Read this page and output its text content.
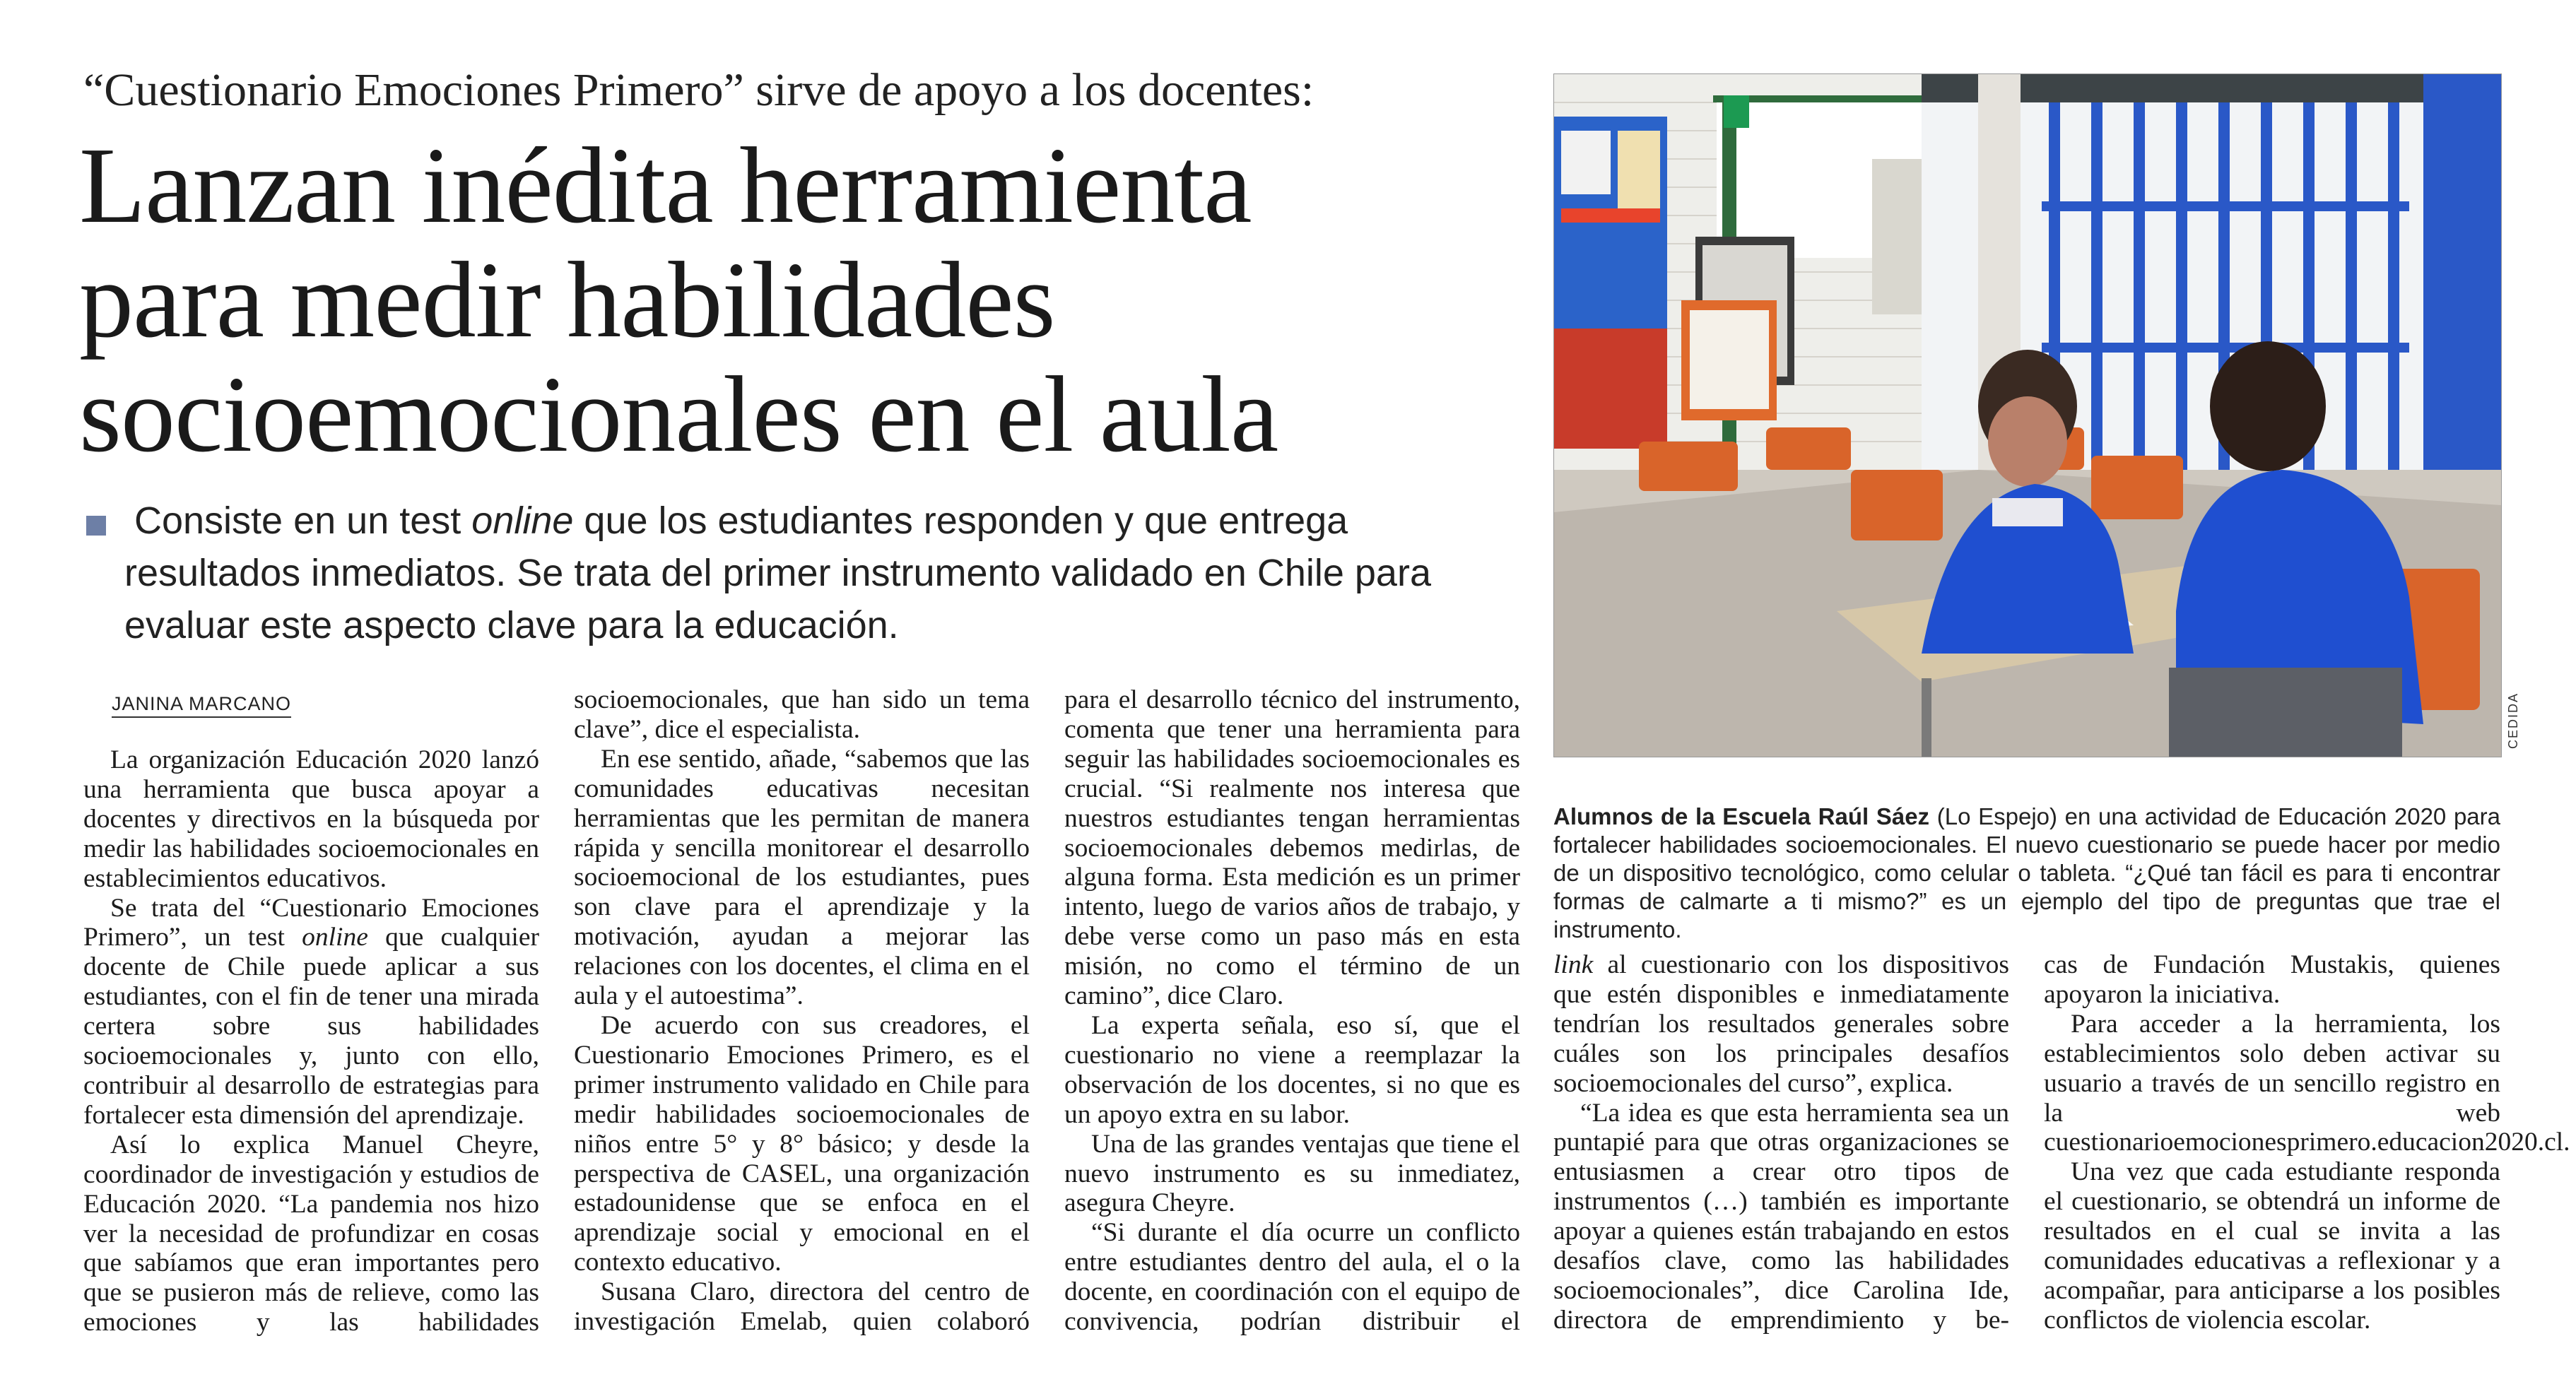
“Cuestionario Emociones Primero” sirve de apoyo a los docentes:
Lanzan inédita herramienta
para medir habilidades
socioemocionales en el aula
Consiste en un test online que los estudiantes responden y que entrega
resultados inmediatos. Se trata del primer instrumento validado en Chile para
evaluar este aspecto clave para la educación.
JANINA MARCANO

La organización Educación 2020 lanzó una herramienta que busca apoyar a docentes y directivos en la búsqueda por medir las habilidades socioemocionales en establecimientos educativos.

Se trata del “Cuestionario Emociones Primero”, un test online que cualquier docente de Chile puede aplicar a sus estudiantes, con el fin de tener una mirada certera sobre sus habilidades socioemocionales y, junto con ello, contribuir al desarrollo de estrategias para fortalecer esta dimensión del aprendizaje.

Así lo explica Manuel Cheyre, coordinador de investigación y estudios de Educación 2020. “La pandemia nos hizo ver la necesidad de profundizar en cosas que sabíamos que eran importantes pero que se pusieron más de relieve, como las emociones y las habilidades

socioemocionales, que han sido un tema clave”, dice el especialista.

En ese sentido, añade, “sabemos que las comunidades educativas necesitan herramientas que les permitan de manera rápida y sencilla monitorear el desarrollo socioemocional de los estudiantes, pues son clave para el aprendizaje y la motivación, ayudan a mejorar las relaciones con los docentes, el clima en el aula y el autoestima”.

De acuerdo con sus creadores, el Cuestionario Emociones Primero, es el primer instrumento validado en Chile para medir habilidades socioemocionales de niños entre 5° y 8° básico; y desde la perspectiva de CASEL, una organización estadounidense que se enfoca en el aprendizaje social y emocional en el contexto educativo.

Susana Claro, directora del centro de investigación Emelab, quien colaboró

para el desarrollo técnico del instrumento, comenta que tener una herramienta para seguir las habilidades socioemocionales es crucial. “Si realmente nos interesa que nuestros estudiantes tengan herramientas socioemocionales debemos medirlas, de alguna forma. Esta medición es un primer intento, luego de varios años de trabajo, y debe verse como un paso más en esta misión, no como el término de un camino”, dice Claro.

La experta señala, eso sí, que el cuestionario no viene a reemplazar la observación de los docentes, si no que es un apoyo extra en su labor.

Una de las grandes ventajas que tiene el nuevo instrumento es su inmediatez, asegura Cheyre.

“Si durante el día ocurre un conflicto entre estudiantes dentro del aula, el o la docente, en coordinación con el equipo de convivencia, podrían distribuir el

link al cuestionario con los dispositivos que estén disponibles e inmediatamente tendrían los resultados generales sobre cuáles son los principales desafíos socioemocionales del curso”, explica.

“La idea es que esta herramienta sea un puntapié para que otras organizaciones se entusiasmen a crear otro tipos de instrumentos (…) también es importante apoyar a quienes están trabajando en estos desafíos clave, como las habilidades socioemocionales”, dice Carolina Ide, directora de emprendimiento y be-

cas de Fundación Mustakis, quienes apoyaron la iniciativa.

Para acceder a la herramienta, los establecimientos solo deben activar su usuario a través de un sencillo registro en la web cuestionarioemocionesprimero.educacion2020.cl.

Una vez que cada estudiante responda el cuestionario, se obtendrá un informe de resultados en el cual se invita a las comunidades educativas a reflexionar y a acompañar, para anticiparse a los posibles conflictos de violencia escolar.

CEDIDA
Alumnos de la Escuela Raúl Sáez (Lo Espejo) en una actividad de Educación 2020 para fortalecer habilidades socioemocionales. El nuevo cuestionario se puede hacer por medio de un dispositivo tecnológico, como celular o tableta. “¿Qué tan fácil es para ti encontrar formas de calmarte a ti mismo?” es un ejemplo del tipo de preguntas que trae el instrumento.
